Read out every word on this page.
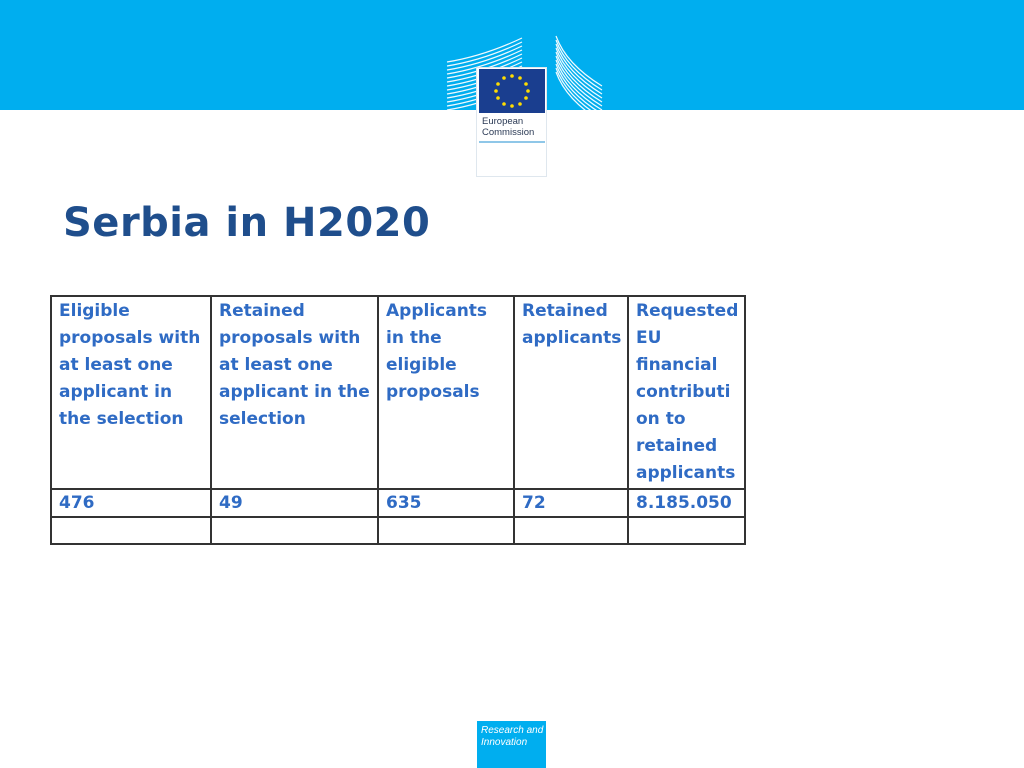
European
Commission
Serbia in H2020
Eligible proposals with at least one applicant in the selection	Retained proposals with at least one applicant in the selection	Applicants in the eligible proposals	Retained applicants	Requested EU financial contributi on to retained applicants
476	49	635	72	8.185.050

Research and
Innovation
